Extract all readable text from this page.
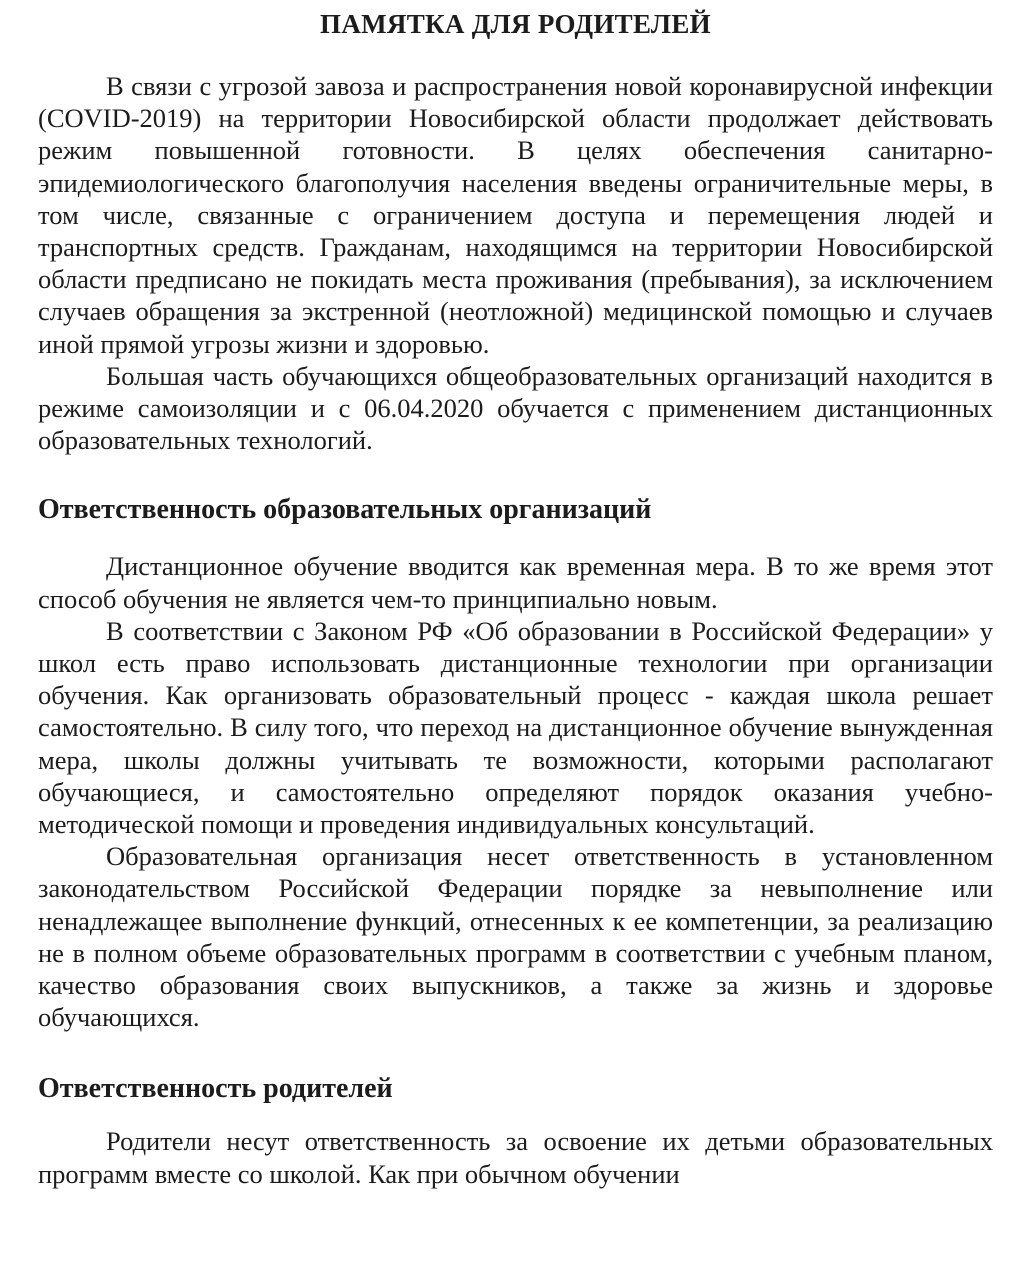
ПАМЯТКА ДЛЯ РОДИТЕЛЕЙ

В связи с угрозой завоза и распространения новой коронавирусной инфекции (COVID-2019) на территории Новосибирской области продолжает действовать режим повышенной готовности. В целях обеспечения санитарно-эпидемиологического благополучия населения введены ограничительные меры, в том числе, связанные с ограничением доступа и перемещения людей и транспортных средств. Гражданам, находящимся на территории Новосибирской области предписано не покидать места проживания (пребывания), за исключением случаев обращения за экстренной (неотложной) медицинской помощью и случаев иной прямой угрозы жизни и здоровью.

Большая часть обучающихся общеобразовательных организаций находится в режиме самоизоляции и с 06.04.2020 обучается с применением дистанционных образовательных технологий.

Ответственность образовательных организаций

Дистанционное обучение вводится как временная мера. В то же время этот способ обучения не является чем-то принципиально новым.

В соответствии с Законом РФ «Об образовании в Российской Федерации» у школ есть право использовать дистанционные технологии при организации обучения. Как организовать образовательный процесс - каждая школа решает самостоятельно. В силу того, что переход на дистанционное обучение вынужденная мера, школы должны учитывать те возможности, которыми располагают обучающиеся, и самостоятельно определяют порядок оказания учебно-методической помощи и проведения индивидуальных консультаций.

Образовательная организация несет ответственность в установленном законодательством Российской Федерации порядке за невыполнение или ненадлежащее выполнение функций, отнесенных к ее компетенции, за реализацию не в полном объеме образовательных программ в соответствии с учебным планом, качество образования своих выпускников, а также за жизнь и здоровье обучающихся.

Ответственность родителей

Родители несут ответственность за освоение их детьми образовательных программ вместе со школой. Как при обычном обучении
